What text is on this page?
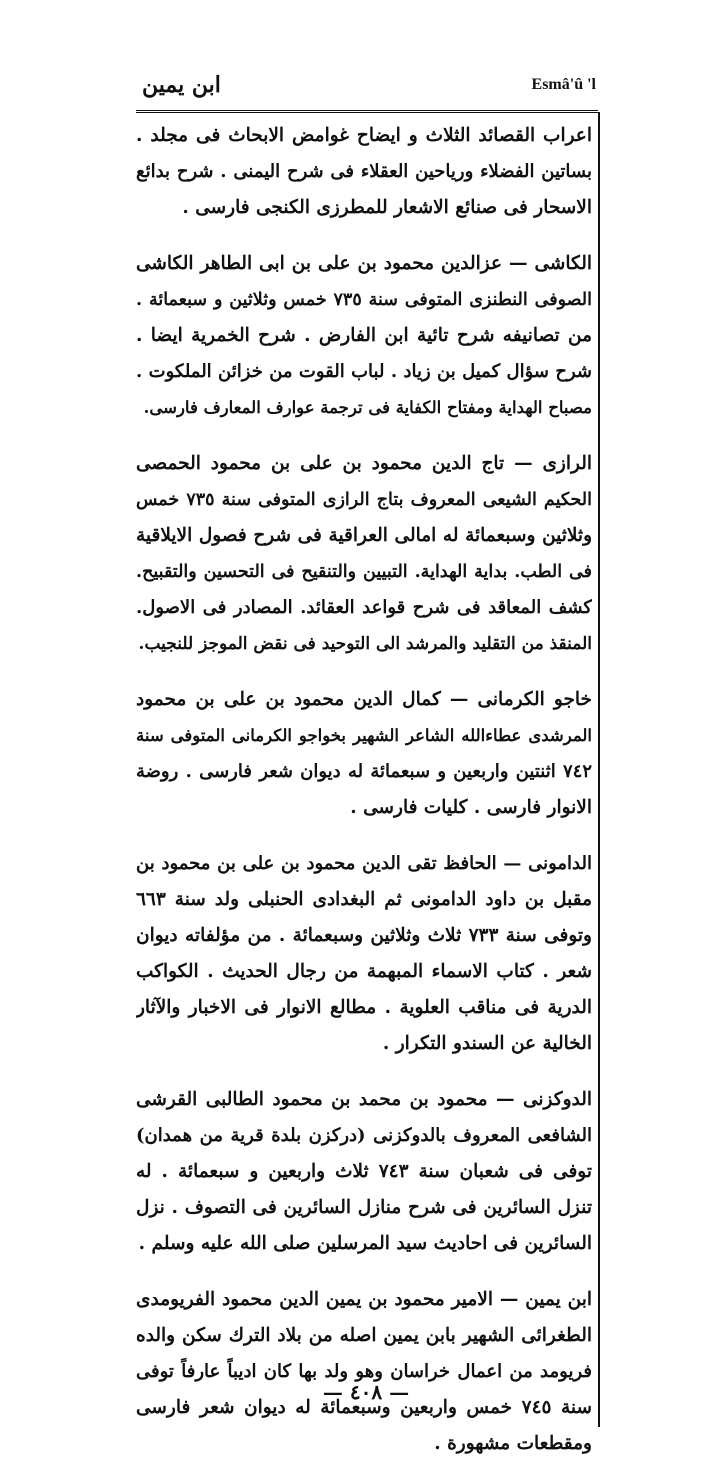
ابن يمين	Esmâ'û 'l
اعراب القصائد الثلاث و ايضاح غوامض الابحاث فى مجلد .
بساتين الفضلاء ورياحين العقلاء فى شرح اليمنى . شرح بدائع
الاسحار فى صنائع الاشعار للمطرزى الكنجى فارسى .
الكاشى — عزالدين محمود بن على بن ابى الطاهر الكاشى
الصوفى النطنزى المتوفى سنة ٧٣٥ خمس وثلاثين و سبعمائة .
من تصانيفه شرح تائية ابن الفارض . شرح الخمرية ايضا .
شرح سؤال كميل بن زياد . لباب القوت من خزائن الملكوت .
مصباح الهداية ومفتاح الكفاية فى ترجمة عوارف المعارف فارسى.
الرازى — تاج الدين محمود بن على بن محمود الحمصى
الحكيم الشيعى المعروف بتاج الرازى المتوفى سنة ٧٣٥ خمس
وثلاثين وسبعمائة له امالى العراقية فى شرح فصول الايلاقية
فى الطب. بداية الهداية. التبيين والتنقيح فى التحسين والتقبيح.
كشف المعاقد فى شرح قواعد العقائد. المصادر فى الاصول.
المنقذ من التقليد والمرشد الى التوحيد فى نقض الموجز للنجيب.
خاجو الكرمانى — كمال الدين محمود بن على بن محمود
المرشدى عطاءالله الشاعر الشهير بخواجو الكرمانى المتوفى سنة
٧٤٢ اثنتين واربعين و سبعمائة له ديوان شعر فارسى . روضة
الانوار فارسى . كليات فارسى .
الدامونى — الحافظ تقى الدين محمود بن على بن محمود بن
مقبل بن داود الدامونى ثم البغدادى الحنبلى ولد سنة ٦٦٣
وتوفى سنة ٧٣٣ ثلاث وثلاثين وسبعمائة . من مؤلفاته ديوان
شعر . كتاب الاسماء المبهمة من رجال الحديث . الكواكب
الدرية فى مناقب العلوية . مطالع الانوار فى الاخبار والآثار
الخالية عن السندو التكرار .
الدوكزنى — محمود بن محمد بن محمود الطالبى القرشى
الشافعى المعروف بالدوكزنى (دركزن بلدة قرية من همدان)
توفى فى شعبان سنة ٧٤٣ ثلاث واربعين و سبعمائة . له
تنزل السائرين فى شرح منازل السائرين فى التصوف . نزل
السائرين فى احاديث سيد المرسلين صلى الله عليه وسلم .
ابن يمين — الامير محمود بن يمين الدين محمود الفريومدى
الطغرائى الشهير بابن يمين اصله من بلاد الترك سكن والده
فريومد من اعمال خراسان وهو ولد بها كان اديباً عارفاً توفى
سنة ٧٤٥ خمس واربعين وسبعمائة له ديوان شعر فارسى
ومقطعات مشهورة .
— ٤٠٨ —
